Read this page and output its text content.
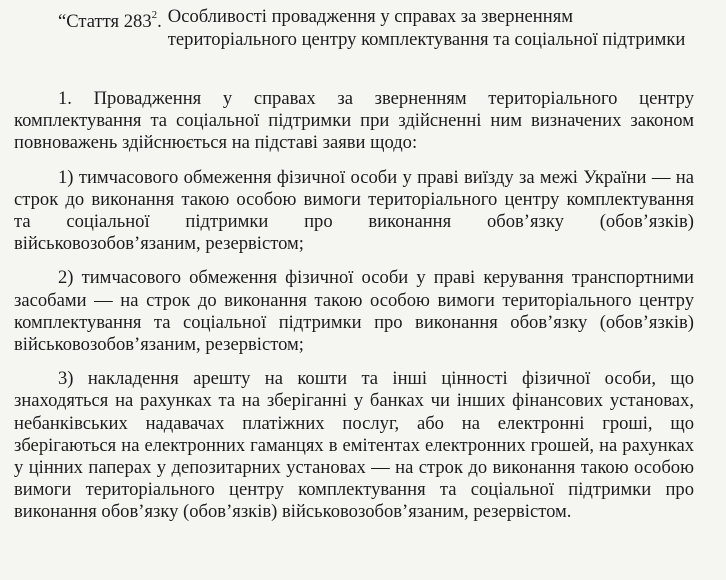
“Стаття $283^2$. Особливості провадження у справах за зверненням територіального центру комплектування та соціальної підтримки

1. Провадження у справах за зверненням територіального центру комплектування та соціальної підтримки при здійсненні ним визначених законом повноважень здійснюється на підставі заяви щодо:

1) тимчасового обмеження фізичної особи у праві виїзду за межі України — на строк до виконання такою особою вимоги територіального центру комплектування та соціальної підтримки про виконання обов’язку (обов’язків) військовозобов’язаним, резервістом;

2) тимчасового обмеження фізичної особи у праві керування транспортними засобами — на строк до виконання такою особою вимоги територіального центру комплектування та соціальної підтримки про виконання обов’язку (обов’язків) військовозобов’язаним, резервістом;

3) накладення арешту на кошти та інші цінності фізичної особи, що знаходяться на рахунках та на зберіганні у банках чи інших фінансових установах, небанківських надавачах платіжних послуг, або на електронні гроші, що зберігаються на електронних гаманцях в емітентах електронних грошей, на рахунках у цінних паперах у депозитарних установах — на строк до виконання такою особою вимоги територіального центру комплектування та соціальної підтримки про виконання обов’язку (обов’язків) військовозобов’язаним, резервістом.
